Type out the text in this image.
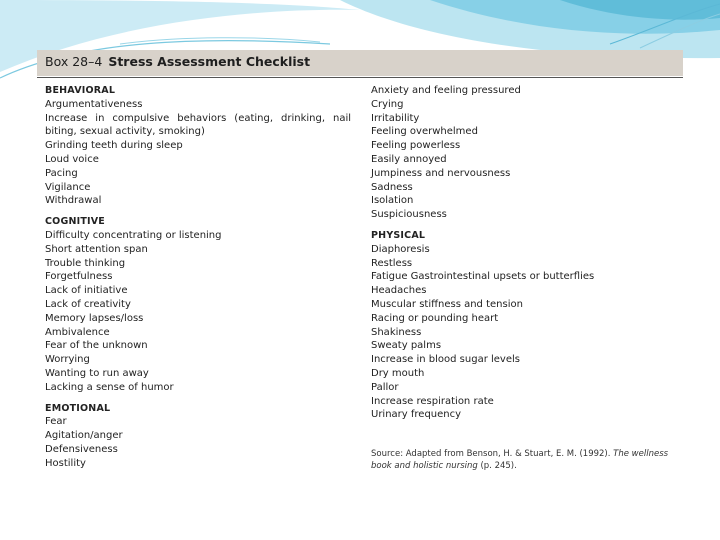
Box 28–4 Stress Assessment Checklist
BEHAVIORAL
Argumentativeness
Increase in compulsive behaviors (eating, drinking, nail biting, sexual activity, smoking)
Grinding teeth during sleep
Loud voice
Pacing
Vigilance
Withdrawal
COGNITIVE
Difficulty concentrating or listening
Short attention span
Trouble thinking
Forgetfulness
Lack of initiative
Lack of creativity
Memory lapses/loss
Ambivalence
Fear of the unknown
Worrying
Wanting to run away
Lacking a sense of humor
EMOTIONAL
Fear
Agitation/anger
Defensiveness
Hostility
Anxiety and feeling pressured
Crying
Irritability
Feeling overwhelmed
Feeling powerless
Easily annoyed
Jumpiness and nervousness
Sadness
Isolation
Suspiciousness
PHYSICAL
Diaphoresis
Restless
Fatigue Gastrointestinal upsets or butterflies
Headaches
Muscular stiffness and tension
Racing or pounding heart
Shakiness
Sweaty palms
Increase in blood sugar levels
Dry mouth
Pallor
Increase respiration rate
Urinary frequency
Source: Adapted from Benson, H. & Stuart, E. M. (1992). The wellness book and holistic nursing (p. 245).
